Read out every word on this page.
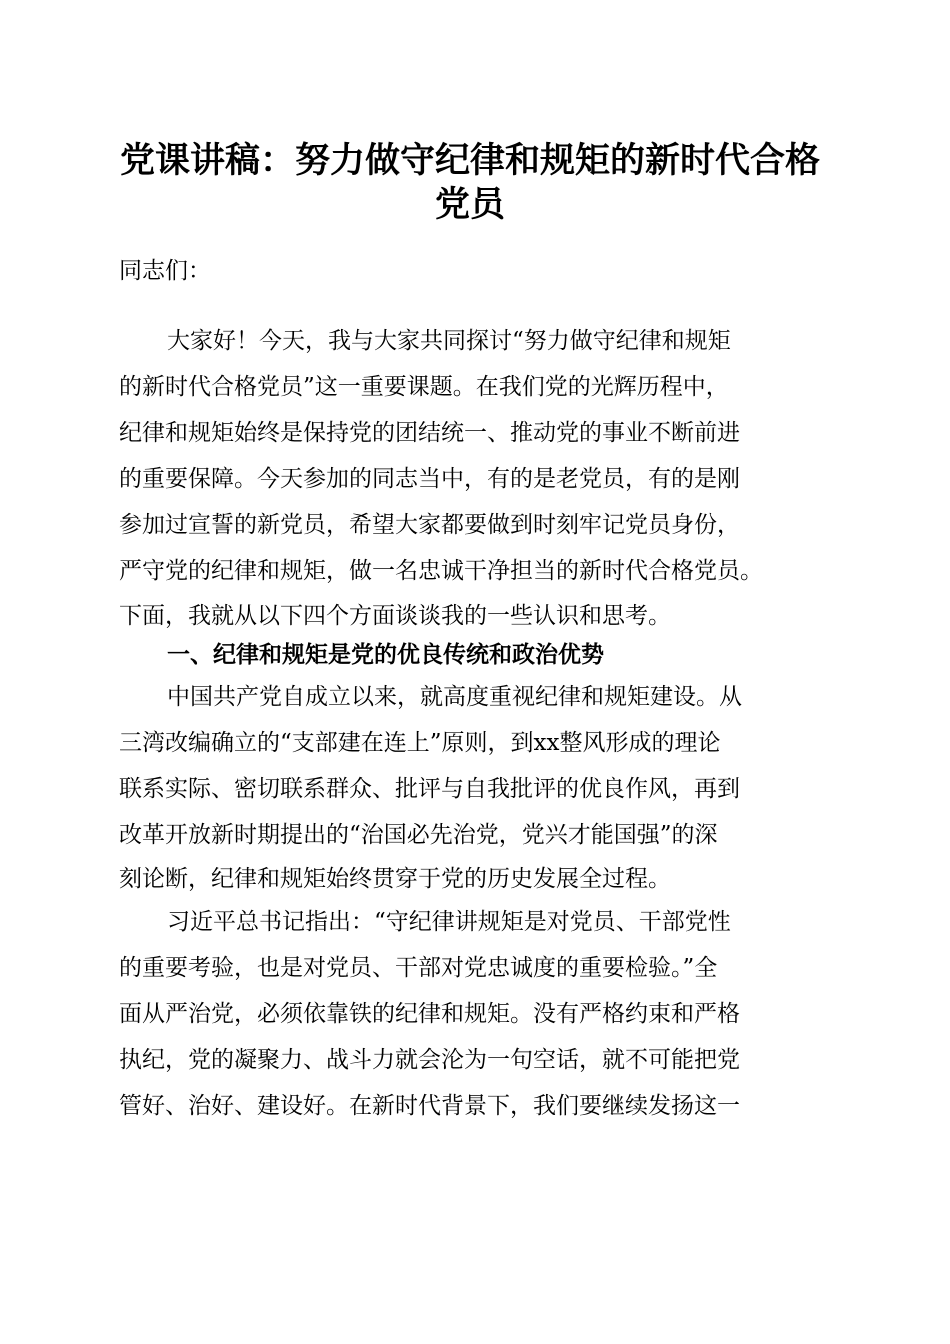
党课讲稿：努力做守纪律和规矩的新时代合格
党员

同志们：

大家好！今天，我与大家共同探讨“努力做守纪律和规矩

的新时代合格党员”这一重要课题。在我们党的光辉历程中，

纪律和规矩始终是保持党的团结统一、推动党的事业不断前进

的重要保障。今天参加的同志当中，有的是老党员，有的是刚

参加过宣誓的新党员，希望大家都要做到时刻牢记党员身份，

严守党的纪律和规矩，做一名忠诚干净担当的新时代合格党员。

下面，我就从以下四个方面谈谈我的一些认识和思考。

一、纪律和规矩是党的优良传统和政治优势

中国共产党自成立以来，就高度重视纪律和规矩建设。从

三湾改编确立的“支部建在连上”原则，到xx整风形成的理论

联系实际、密切联系群众、批评与自我批评的优良作风，再到

改革开放新时期提出的“治国必先治党，党兴才能国强”的深

刻论断，纪律和规矩始终贯穿于党的历史发展全过程。

习近平总书记指出：“守纪律讲规矩是对党员、干部党性

的重要考验，也是对党员、干部对党忠诚度的重要检验。”全

面从严治党，必须依靠铁的纪律和规矩。没有严格约束和严格

执纪，党的凝聚力、战斗力就会沦为一句空话，就不可能把党

管好、治好、建设好。在新时代背景下，我们要继续发扬这一
